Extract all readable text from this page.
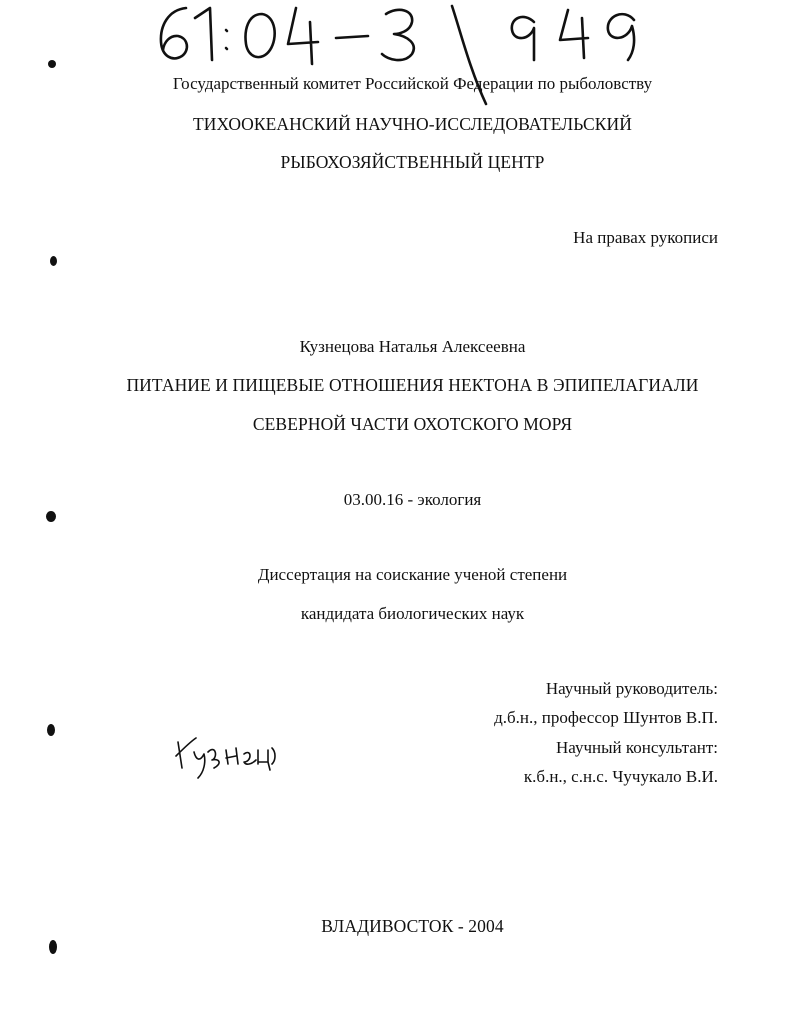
Государственный комитет Российской Федерации по рыболовству
ТИХООКЕАНСКИЙ НАУЧНО-ИССЛЕДОВАТЕЛЬСКИЙ
РЫБОХОЗЯЙСТВЕННЫЙ ЦЕНТР
На правах рукописи
Кузнецова Наталья Алексеевна
ПИТАНИЕ И ПИЩЕВЫЕ ОТНОШЕНИЯ НЕКТОНА В ЭПИПЕЛАГИАЛИ
СЕВЕРНОЙ ЧАСТИ ОХОТСКОГО МОРЯ
03.00.16 - экология
Диссертация на соискание ученой степени
кандидата биологических наук
Научный руководитель:
д.б.н., профессор Шунтов В.П.
Научный консультант:
к.б.н., с.н.с. Чучукало В.И.
ВЛАДИВОСТОК - 2004
